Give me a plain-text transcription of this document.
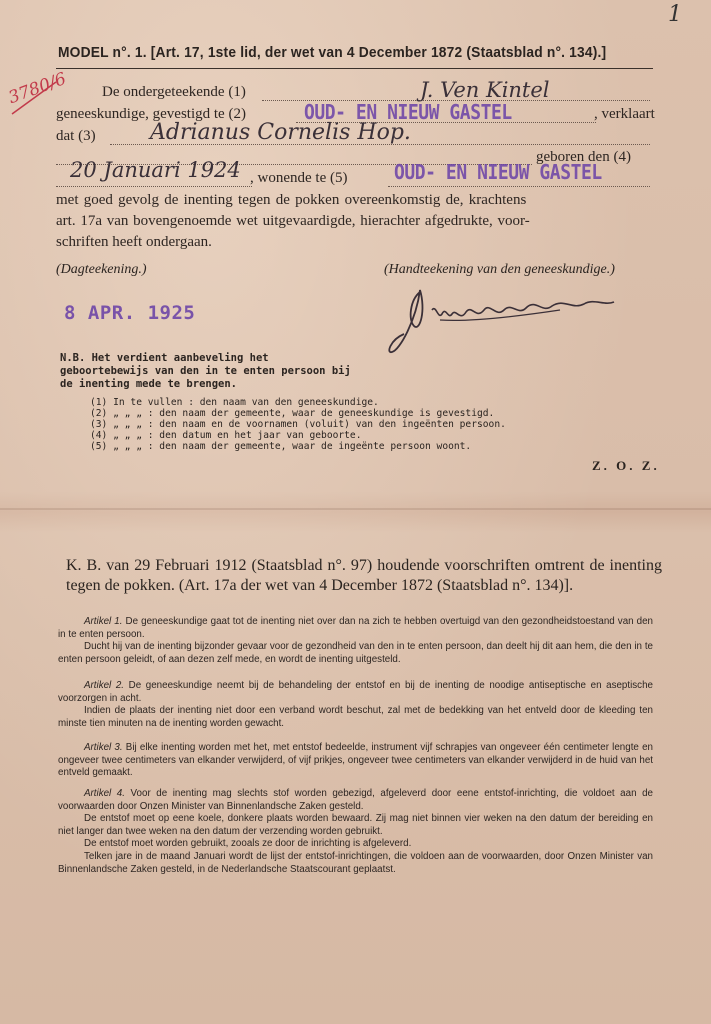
1
3780/6
MODEL n°. 1. [Art. 17, 1ste lid, der wet van 4 December 1872 (Staatsblad n°. 134).]
De ondergeteekende (1)	J. Ven Kintel
geneeskundige, gevestigd te (2)	OUD- EN NIEUW GASTEL	, verklaart
dat (3) Adrianus Cornelis Hop.
geboren den (4)
20 Januari 1924 , wonende te (5) OUD- EN NIEUW GASTEL
met goed gevolg de inenting tegen de pokken overeenkomstig de, krachtens
art. 17a van bovengenoemde wet uitgevaardigde, hierachter afgedrukte, voor-
schriften heeft ondergaan.
(Dagteekening.)	(Handteekening van den geneeskundige.)
8 APR. 1925
N.B. Het verdient aanbeveling het geboortebewijs van den in te enten persoon bij de inenting mede te brengen.
(1) In te vullen : den naam van den geneeskundige.
(2) „ „ „ : den naam der gemeente, waar de geneeskundige is gevestigd.
(3) „ „ „ : den naam en de voornamen (voluit) van den ingeënten persoon.
(4) „ „ „ : den datum en het jaar van geboorte.
(5) „ „ „ : den naam der gemeente, waar de ingeënte persoon woont.
Z. O. Z.

K. B. van 29 Februari 1912 (Staatsblad n°. 97) houdende voorschriften omtrent de inenting tegen de pokken. (Art. 17a der wet van 4 December 1872 (Staatsblad n°. 134)].

Artikel 1. De geneeskundige gaat tot de inenting niet over dan na zich te hebben overtuigd van den gezondheidstoestand van den in te enten persoon.

Ducht hij van de inenting bijzonder gevaar voor de gezondheid van den in te enten persoon, dan deelt hij dit aan hem, die den in te enten persoon geleidt, of aan dezen zelf mede, en wordt de inenting uitgesteld.

Artikel 2. De geneeskundige neemt bij de behandeling der entstof en bij de inenting de noodige antiseptische en aseptische voorzorgen in acht.

Indien de plaats der inenting niet door een verband wordt beschut, zal met de bedekking van het entveld door de kleeding ten minste tien minuten na de inenting worden gewacht.

Artikel 3. Bij elke inenting worden met het, met entstof bedeelde, instrument vijf schrapjes van ongeveer één centimeter lengte en ongeveer twee centimeters van elkander verwijderd, of vijf prikjes, ongeveer twee centimeters van elkander verwijderd in de huid van het entveld gemaakt.

Artikel 4. Voor de inenting mag slechts stof worden gebezigd, afgeleverd door eene entstof-inrichting, die voldoet aan de voorwaarden door Onzen Minister van Binnenlandsche Zaken gesteld.

De entstof moet op eene koele, donkere plaats worden bewaard. Zij mag niet binnen vier weken na den datum der bereiding en niet langer dan twee weken na den datum der verzending worden gebruikt.

De entstof moet worden gebruikt, zooals ze door de inrichting is afgeleverd.

Telken jare in de maand Januari wordt de lijst der entstof-inrichtingen, die voldoen aan de voorwaarden, door Onzen Minister van Binnenlandsche Zaken gesteld, in de Nederlandsche Staatscourant geplaatst.
